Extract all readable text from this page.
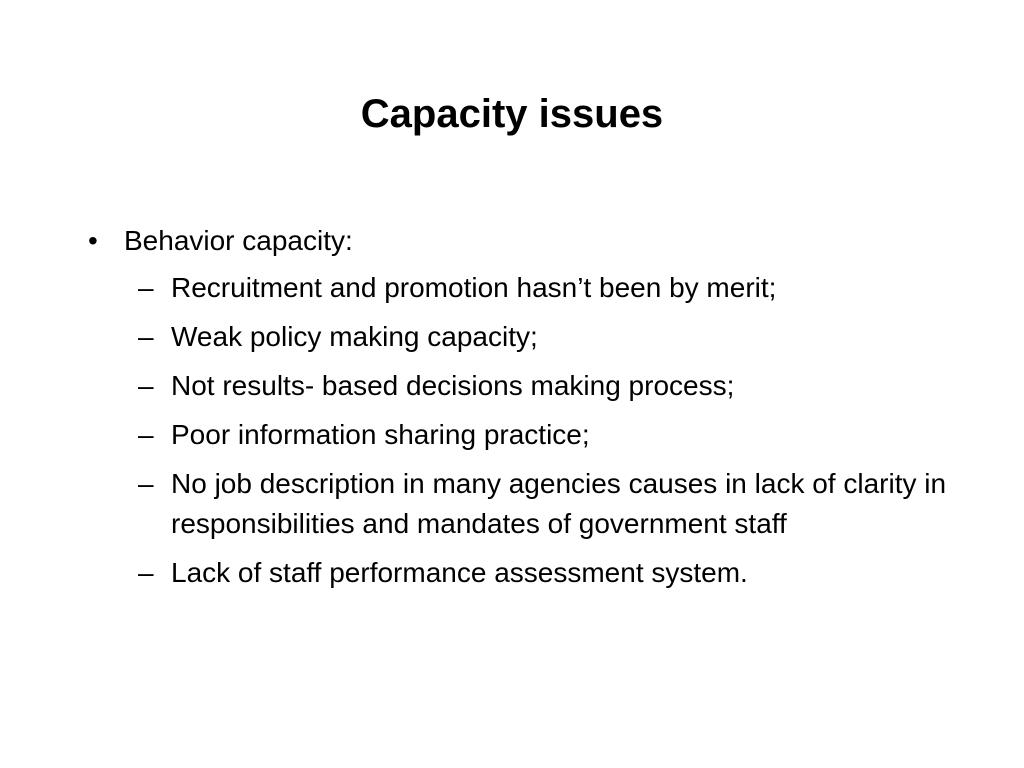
Capacity issues
• Behavior capacity:
– Recruitment and promotion hasn’t been by merit;
– Weak policy making capacity;
– Not results- based decisions making process;
– Poor information sharing practice;
– No job description in many agencies causes in lack of clarity in responsibilities and mandates of government staff
– Lack of staff performance assessment system.
